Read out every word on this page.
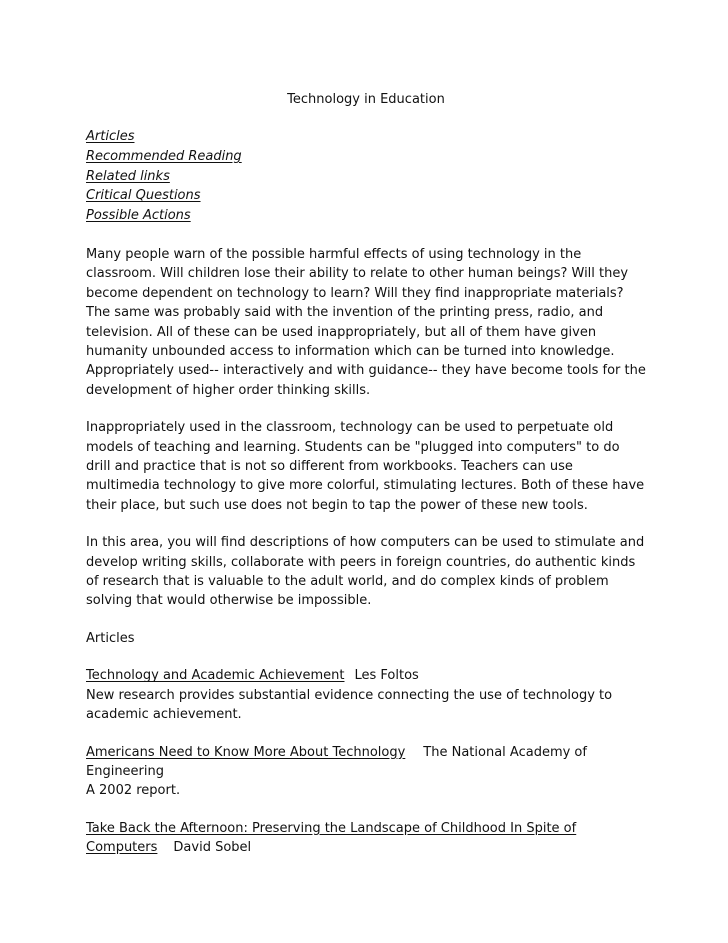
Technology in Education
Articles
Recommended Reading
Related links
Critical Questions
Possible Actions

Many people warn of the possible harmful effects of using technology in the classroom. Will children lose their ability to relate to other human beings? Will they become dependent on technology to learn? Will they find inappropriate materials? The same was probably said with the invention of the printing press, radio, and television. All of these can be used inappropriately, but all of them have given humanity unbounded access to information which can be turned into knowledge. Appropriately used-- interactively and with guidance-- they have become tools for the development of higher order thinking skills.

Inappropriately used in the classroom, technology can be used to perpetuate old models of teaching and learning. Students can be "plugged into computers" to do drill and practice that is not so different from workbooks. Teachers can use multimedia technology to give more colorful, stimulating lectures. Both of these have their place, but such use does not begin to tap the power of these new tools.

In this area, you will find descriptions of how computers can be used to stimulate and develop writing skills, collaborate with peers in foreign countries, do authentic kinds of research that is valuable to the adult world, and do complex kinds of problem solving that would otherwise be impossible.

Articles
Technology and Academic Achievement Les Foltos
New research provides substantial evidence connecting the use of technology to academic achievement.
Americans Need to Know More About Technology The National Academy of Engineering
A 2002 report.
Take Back the Afternoon: Preserving the Landscape of Childhood In Spite of Computers David Sobel
